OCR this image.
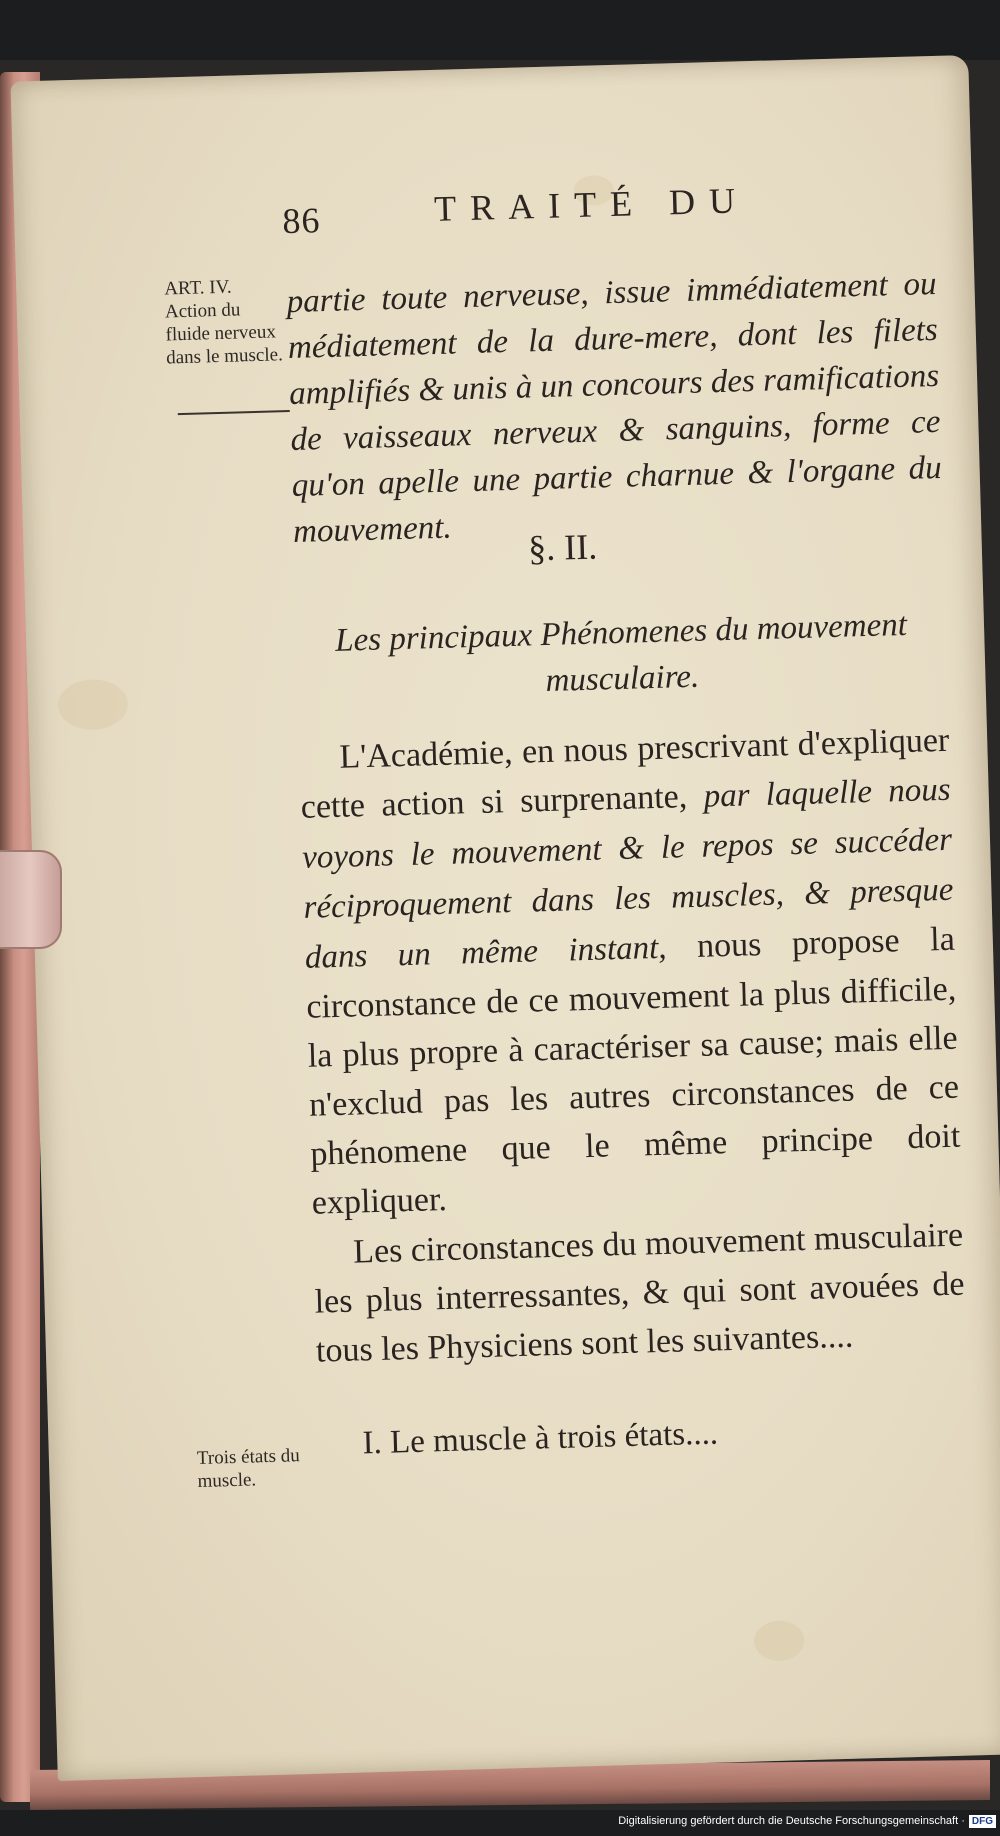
86	TRAITÉ DU
ART. IV. Action du fluide nerveux dans le muscle.
partie toute nerveuse, issue immédiatement ou médiatement de la dure-mere, dont les filets amplifiés & unis à un concours des ramifications de vaisseaux nerveux & sanguins, forme ce qu'on apelle une partie charnue & l'organe du mouvement.	§. II.
Les principaux Phénomenes du mouvement musculaire.
L'Académie, en nous prescrivant d'expliquer cette action si surprenante, par laquelle nous voyons le mouvement & le repos se succéder réciproquement dans les muscles, & presque dans un même instant, nous propose la circonstance de ce mouvement la plus difficile, la plus propre à caractériser sa cause; mais elle n'exclud pas les autres circonstances de ce phénomene que le même principe doit expliquer.
Les circonstances du mouvement musculaire les plus interressantes, & qui sont avouées de tous les Physiciens sont les suivantes....
Trois états du muscle.
I. Le muscle à trois états....
Digitalisierung gefördert durch die Deutsche Forschungsgemeinschaft · DFG
